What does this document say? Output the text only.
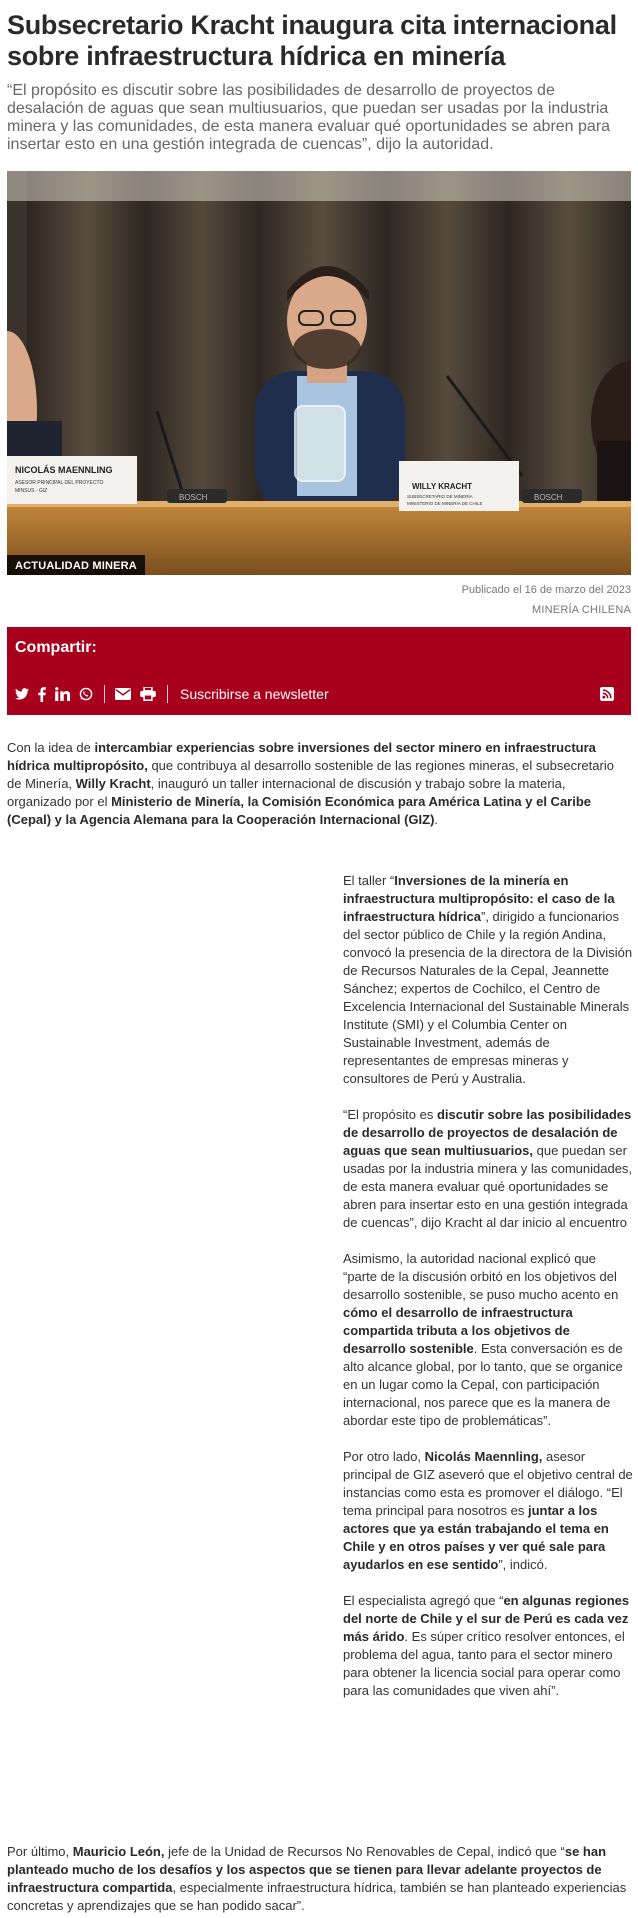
Subsecretario Kracht inaugura cita internacional sobre infraestructura hídrica en minería

“El propósito es discutir sobre las posibilidades de desarrollo de proyectos de desalación de aguas que sean multiusuarios, que puedan ser usadas por la industria minera y las comunidades, de esta manera evaluar qué oportunidades se abren para insertar esto en una gestión integrada de cuencas”, dijo la autoridad.

NICOLÁS MAENNLING
ASESOR PRINCIPAL DEL PROYECTO
MINSUS - GIZ	WILLY KRACHT
SUBSECRETARIO DE MINERÍA
MINISTERIO DE MINERÍA DE CHILE
BOSCH	BOSCH
ACTUALIDAD MINERA
Publicado el 16 de marzo del 2023
MINERÍA CHILENA
Compartir:
Suscribirse a newsletter

Con la idea de intercambiar experiencias sobre inversiones del sector minero en infraestructura hídrica multipropósito, que contribuya al desarrollo sostenible de las regiones mineras, el subsecretario de Minería, Willy Kracht, inauguró un taller internacional de discusión y trabajo sobre la materia, organizado por el Ministerio de Minería, la Comisión Económica para América Latina y el Caribe (Cepal) y la Agencia Alemana para la Cooperación Internacional (GIZ).

El taller “Inversiones de la minería en infraestructura multipropósito: el caso de la infraestructura hídrica”, dirigido a funcionarios del sector público de Chile y la región Andina, convocó la presencia de la directora de la División de Recursos Naturales de la Cepal, Jeannette Sánchez; expertos de Cochilco, el Centro de Excelencia Internacional del Sustainable Minerals Institute (SMI) y el Columbia Center on Sustainable Investment, además de representantes de empresas mineras y consultores de Perú y Australia.

“El propósito es discutir sobre las posibilidades de desarrollo de proyectos de desalación de aguas que sean multiusuarios, que puedan ser usadas por la industria minera y las comunidades, de esta manera evaluar qué oportunidades se abren para insertar esto en una gestión integrada de cuencas”, dijo Kracht al dar inicio al encuentro

Asimismo, la autoridad nacional explicó que “parte de la discusión orbitó en los objetivos del desarrollo sostenible, se puso mucho acento en cómo el desarrollo de infraestructura compartida tributa a los objetivos de desarrollo sostenible. Esta conversación es de alto alcance global, por lo tanto, que se organice en un lugar como la Cepal, con participación internacional, nos parece que es la manera de abordar este tipo de problemáticas”.

Por otro lado, Nicolás Maennling, asesor principal de GIZ aseveró que el objetivo central de instancias como esta es promover el diálogo. “El tema principal para nosotros es juntar a los actores que ya están trabajando el tema en Chile y en otros países y ver qué sale para ayudarlos en ese sentido”, indicó.

El especialista agregó que “en algunas regiones del norte de Chile y el sur de Perú es cada vez más árido. Es súper crítico resolver entonces, el problema del agua, tanto para el sector minero para obtener la licencia social para operar como para las comunidades que viven ahí”.

Por último, Mauricio León, jefe de la Unidad de Recursos No Renovables de Cepal, indicó que “se han planteado mucho de los desafíos y los aspectos que se tienen para llevar adelante proyectos de infraestructura compartida, especialmente infraestructura hídrica, también se han planteado experiencias concretas y aprendizajes que se han podido sacar”.
